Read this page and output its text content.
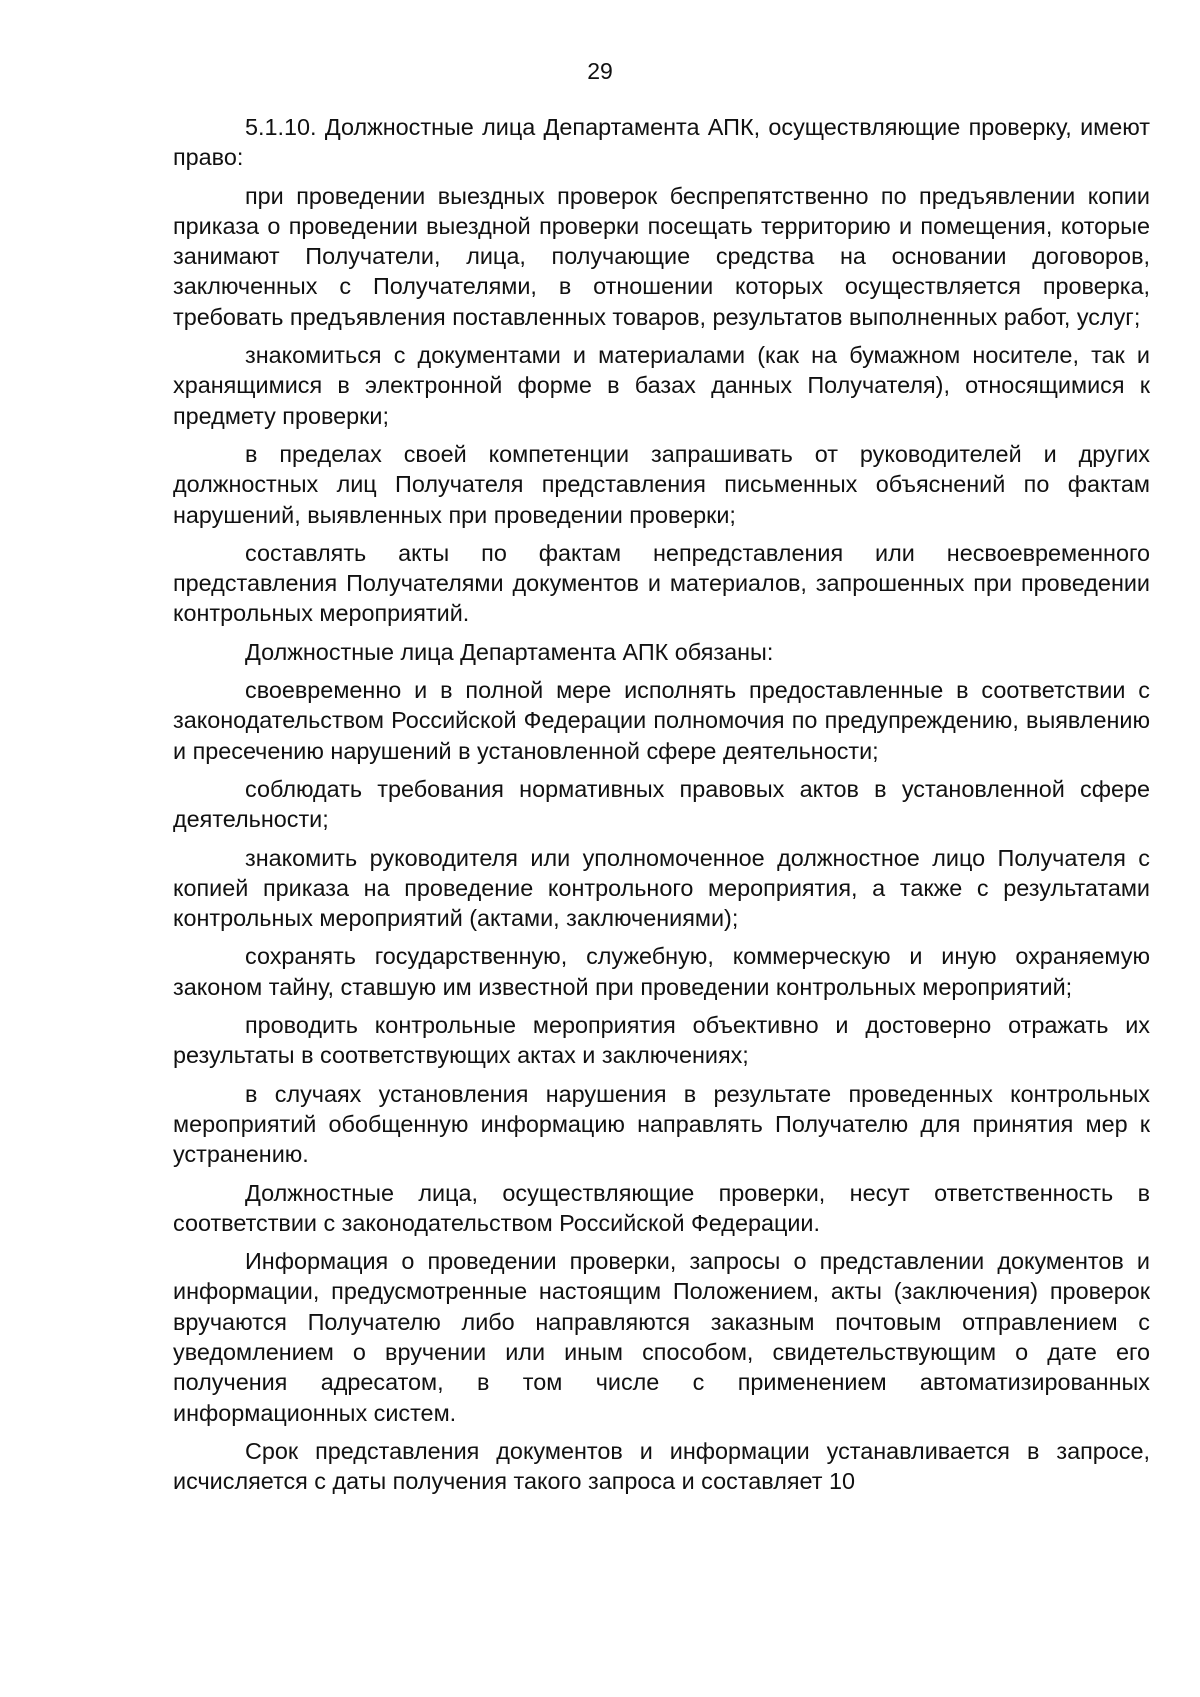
29

5.1.10. Должностные лица Департамента АПК, осуществляющие проверку, имеют право:

при проведении выездных проверок беспрепятственно по предъявлении копии приказа о проведении выездной проверки посещать территорию и помещения, которые занимают Получатели, лица, получающие средства на основании договоров, заключенных с Получателями, в отношении которых осуществляется проверка, требовать предъявления поставленных товаров, результатов выполненных работ, услуг;

знакомиться с документами и материалами (как на бумажном носителе, так и хранящимися в электронной форме в базах данных Получателя), относящимися к предмету проверки;

в пределах своей компетенции запрашивать от руководителей и других должностных лиц Получателя представления письменных объяснений по фактам нарушений, выявленных при проведении проверки;

составлять акты по фактам непредставления или несвоевременного представления Получателями документов и материалов, запрошенных при проведении контрольных мероприятий.

Должностные лица Департамента АПК обязаны:

своевременно и в полной мере исполнять предоставленные в соответствии с законодательством Российской Федерации полномочия по предупреждению, выявлению и пресечению нарушений в установленной сфере деятельности;

соблюдать требования нормативных правовых актов в установленной сфере деятельности;

знакомить руководителя или уполномоченное должностное лицо Получателя с копией приказа на проведение контрольного мероприятия, а также с результатами контрольных мероприятий (актами, заключениями);

сохранять государственную, служебную, коммерческую и иную охраняемую законом тайну, ставшую им известной при проведении контрольных мероприятий;

проводить контрольные мероприятия объективно и достоверно отражать их результаты в соответствующих актах и заключениях;

в случаях установления нарушения в результате проведенных контрольных мероприятий обобщенную информацию направлять Получателю для принятия мер к устранению.

Должностные лица, осуществляющие проверки, несут ответственность в соответствии с законодательством Российской Федерации.

Информация о проведении проверки, запросы о представлении документов и информации, предусмотренные настоящим Положением, акты (заключения) проверок вручаются Получателю либо направляются заказным почтовым отправлением с уведомлением о вручении или иным способом, свидетельствующим о дате его получения адресатом, в том числе с применением автоматизированных информационных систем.

Срок представления документов и информации устанавливается в запросе, исчисляется с даты получения такого запроса и составляет 10
